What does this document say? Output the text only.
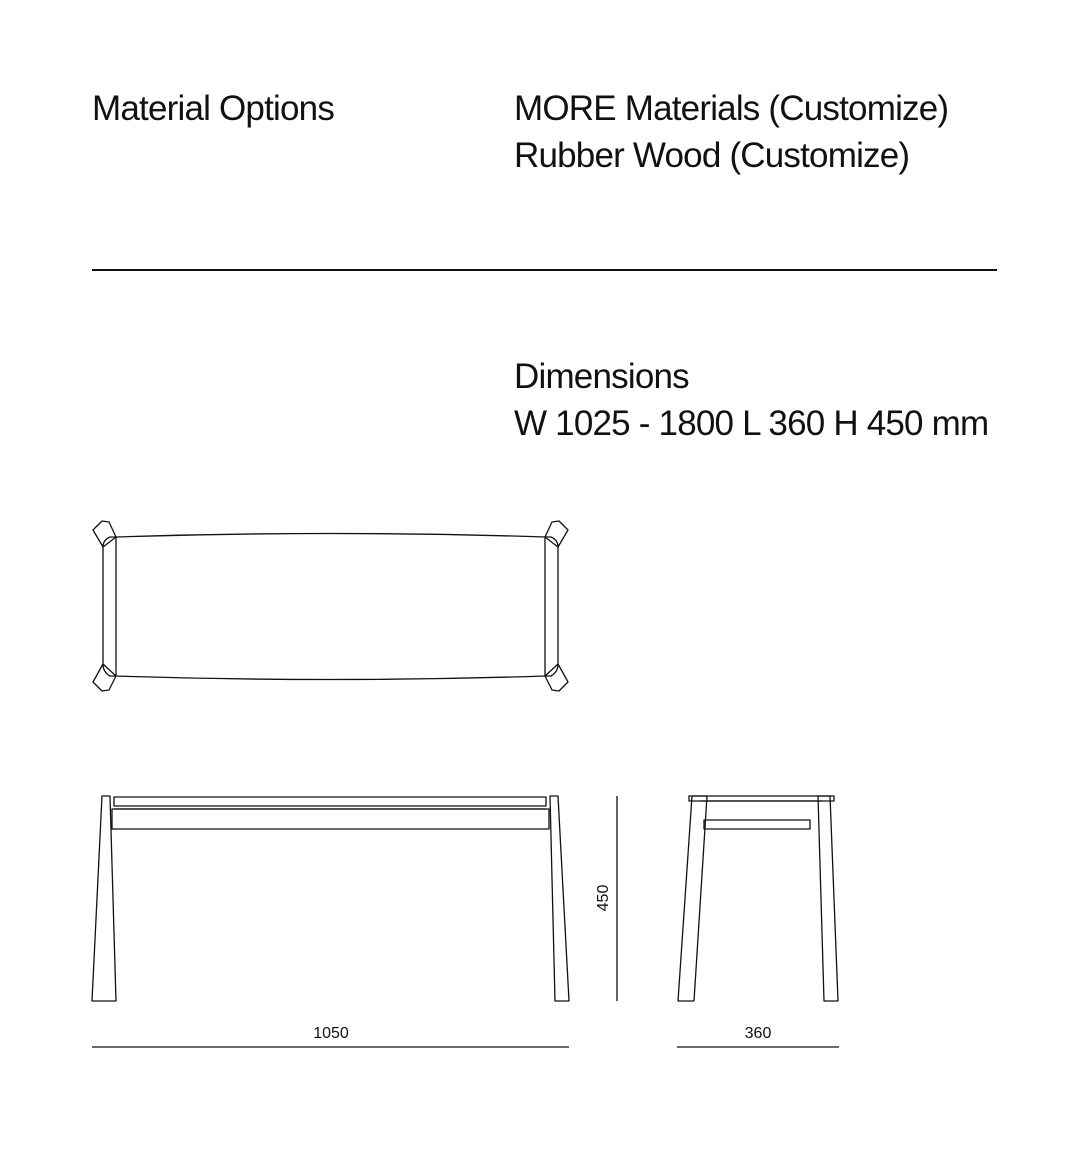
Material Options	MORE Materials (Customize)
Rubber Wood (Customize)
Dimensions
W 1025 - 1800 L 360 H 450 mm
1050	360
450
